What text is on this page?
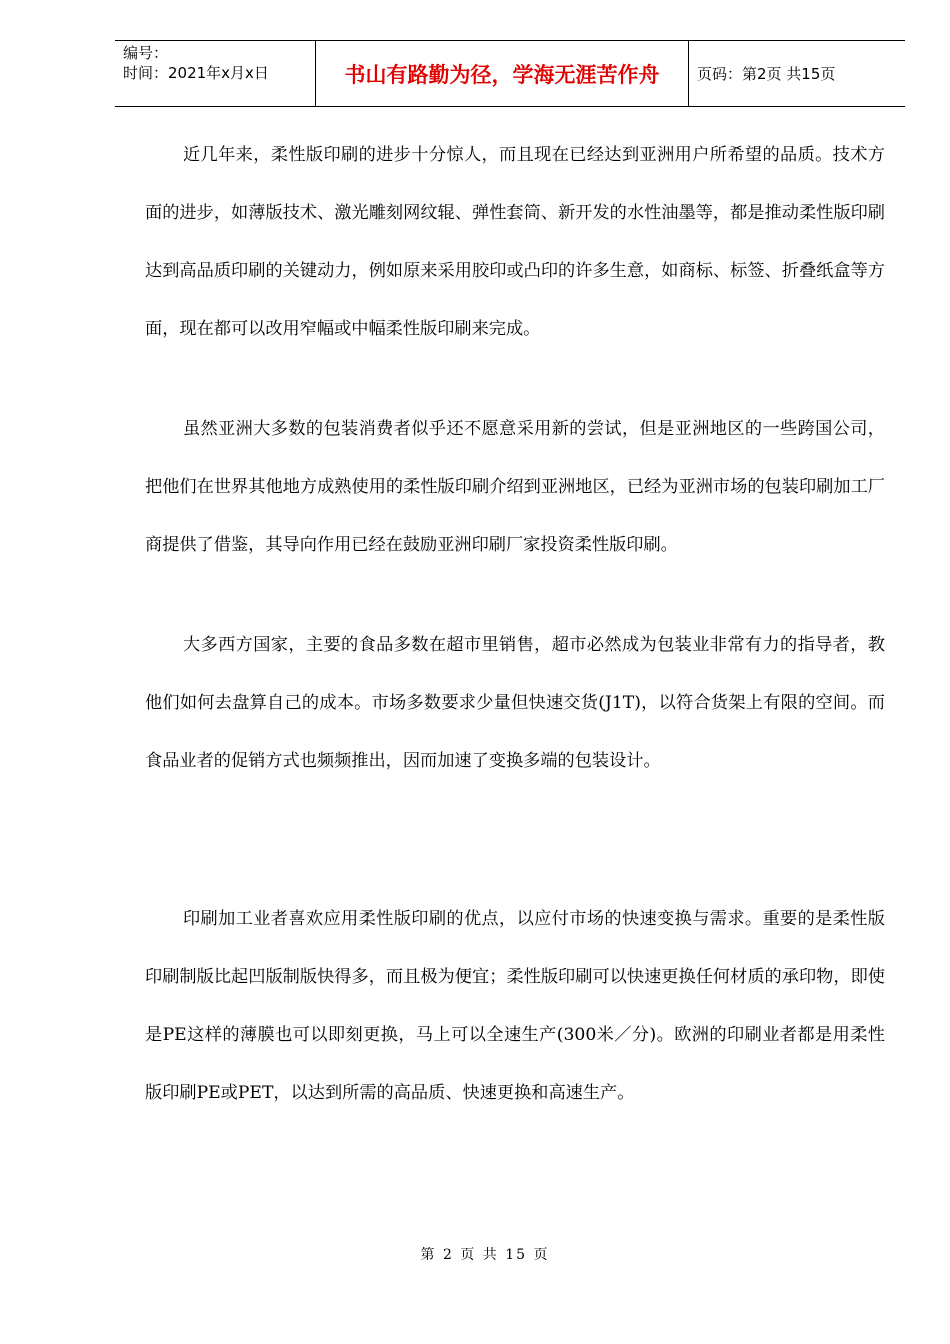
编号：
时间：2021年x月x日	书山有路勤为径，学海无涯苦作舟	页码：第2页 共15页

近几年来，柔性版印刷的进步十分惊人，而且现在已经达到亚洲用户所希望的品质。技术方面的进步，如薄版技术、激光雕刻网纹辊、弹性套筒、新开发的水性油墨等，都是推动柔性版印刷达到高品质印刷的关键动力，例如原来采用胶印或凸印的许多生意，如商标、标签、折叠纸盒等方面，现在都可以改用窄幅或中幅柔性版印刷来完成。

虽然亚洲大多数的包装消费者似乎还不愿意采用新的尝试，但是亚洲地区的一些跨国公司，把他们在世界其他地方成熟使用的柔性版印刷介绍到亚洲地区，已经为亚洲市场的包装印刷加工厂商提供了借鉴，其导向作用已经在鼓励亚洲印刷厂家投资柔性版印刷。

大多西方国家，主要的食品多数在超市里销售，超市必然成为包装业非常有力的指导者，教他们如何去盘算自己的成本。市场多数要求少量但快速交货(J1T)，以符合货架上有限的空间。而食品业者的促销方式也频频推出，因而加速了变换多端的包装设计。

印刷加工业者喜欢应用柔性版印刷的优点，以应付市场的快速变换与需求。重要的是柔性版印刷制版比起凹版制版快得多，而且极为便宜；柔性版印刷可以快速更换任何材质的承印物，即使是PE这样的薄膜也可以即刻更换，马上可以全速生产(300米／分)。欧洲的印刷业者都是用柔性版印刷PE或PET，以达到所需的高品质、快速更换和高速生产。

第 2 页 共 15 页
